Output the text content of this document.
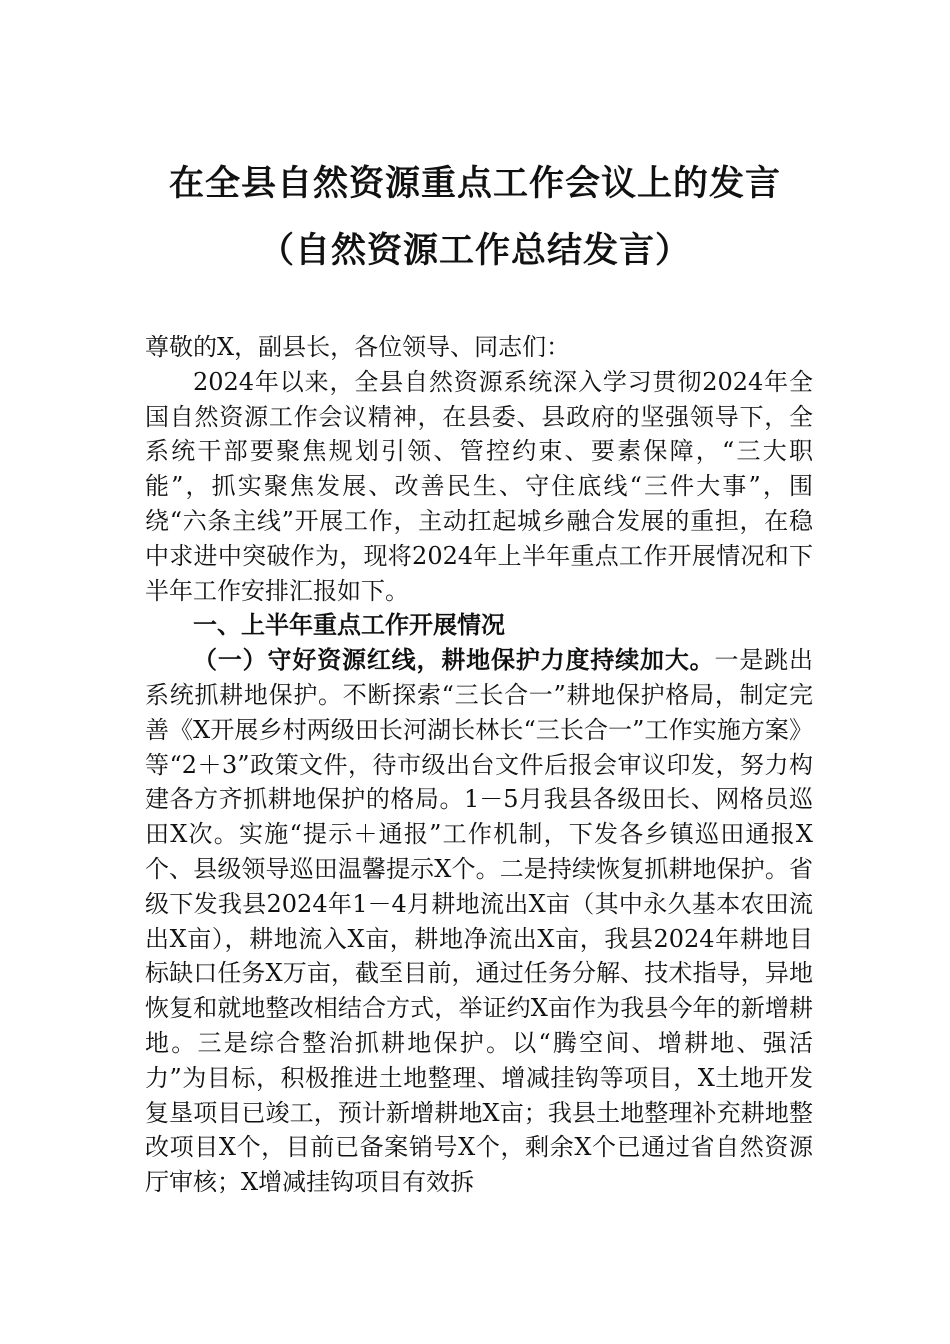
在全县自然资源重点工作会议上的发言
（自然资源工作总结发言）

尊敬的X，副县长，各位领导、同志们：

2024年以来，全县自然资源系统深入学习贯彻2024年全国自然资源工作会议精神，在县委、县政府的坚强领导下，全系统干部要聚焦规划引领、管控约束、要素保障，“三大职能”，抓实聚焦发展、改善民生、守住底线“三件大事”，围绕“六条主线”开展工作，主动扛起城乡融合发展的重担，在稳中求进中突破作为，现将2024年上半年重点工作开展情况和下半年工作安排汇报如下。

一、上半年重点工作开展情况

（一）守好资源红线，耕地保护力度持续加大。一是跳出系统抓耕地保护。不断探索“三长合一”耕地保护格局，制定完善《X开展乡村两级田长河湖长林长“三长合一”工作实施方案》等“2＋3”政策文件，待市级出台文件后报会审议印发，努力构建各方齐抓耕地保护的格局。1－5月我县各级田长、网格员巡田X次。实施“提示＋通报”工作机制，下发各乡镇巡田通报X个、县级领导巡田温馨提示X个。二是持续恢复抓耕地保护。省级下发我县2024年1－4月耕地流出X亩（其中永久基本农田流出X亩），耕地流入X亩，耕地净流出X亩，我县2024年耕地目标缺口任务X万亩，截至目前，通过任务分解、技术指导，异地恢复和就地整改相结合方式，举证约X亩作为我县今年的新增耕地。三是综合整治抓耕地保护。以“腾空间、增耕地、强活力”为目标，积极推进土地整理、增减挂钩等项目，X土地开发复垦项目已竣工，预计新增耕地X亩；我县土地整理补充耕地整改项目X个，目前已备案销号X个，剩余X个已通过省自然资源厅审核；X增减挂钩项目有效拆
